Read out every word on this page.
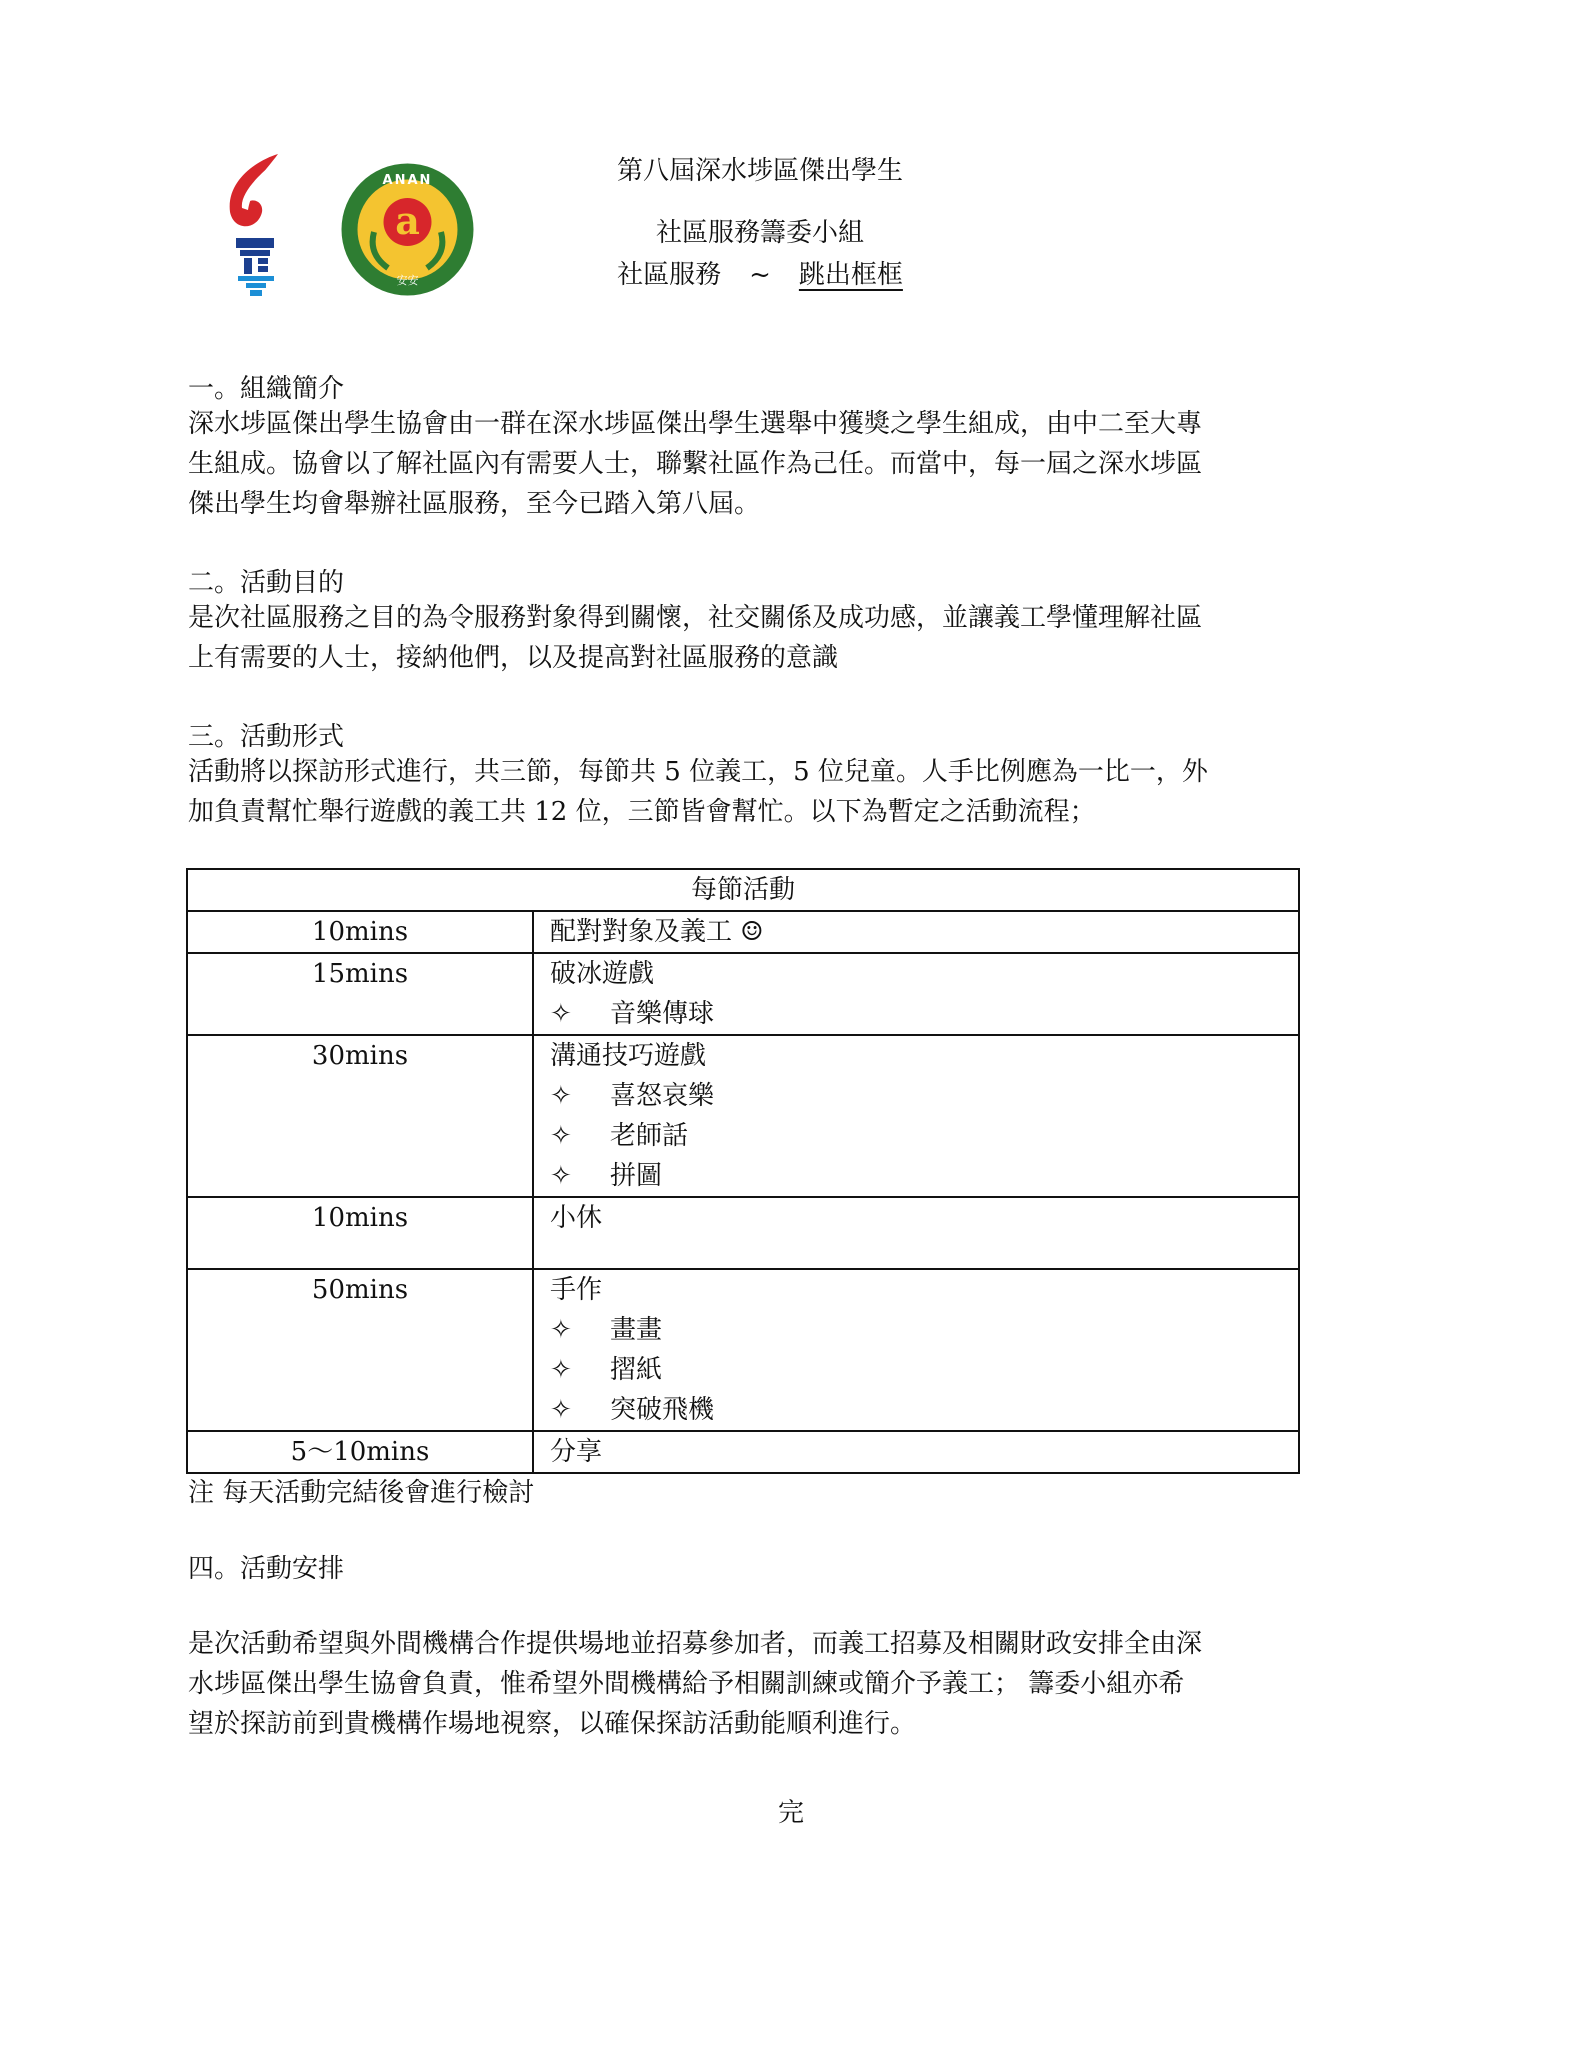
ANAN
a
安安
第八屆深水埗區傑出學生
社區服務籌委小組
社區服務 ~ 跳出框框
一。組織簡介
深水埗區傑出學生協會由一群在深水埗區傑出學生選舉中獲獎之學生組成，由中二至大專
生組成。協會以了解社區內有需要人士，聯繫社區作為己任。而當中，每一屆之深水埗區
傑出學生均會舉辦社區服務，至今已踏入第八屆。
二。活動目的
是次社區服務之目的為令服務對象得到關懷，社交關係及成功感，並讓義工學懂理解社區
上有需要的人士，接納他們，以及提高對社區服務的意識
三。活動形式
活動將以探訪形式進行，共三節，每節共 5 位義工，5 位兒童。人手比例應為一比一，外
加負責幫忙舉行遊戲的義工共 12 位，三節皆會幫忙。以下為暫定之活動流程；
每節活動	
10mins	配對對象及義工 ☺

15mins	破冰遊戲
✧ 音樂傳球

30mins	溝通技巧遊戲
✧ 喜怒哀樂
✧ 老師話
✧ 拼圖

10mins	小休

50mins	手作
✧ 畫畫
✧ 摺紙
✧ 突破飛機

5～10mins	分享
注 每天活動完結後會進行檢討
四。活動安排
是次活動希望與外間機構合作提供場地並招募參加者，而義工招募及相關財政安排全由深
水埗區傑出學生協會負責，惟希望外間機構給予相關訓練或簡介予義工； 籌委小組亦希
望於探訪前到貴機構作場地視察，以確保探訪活動能順利進行。
完
